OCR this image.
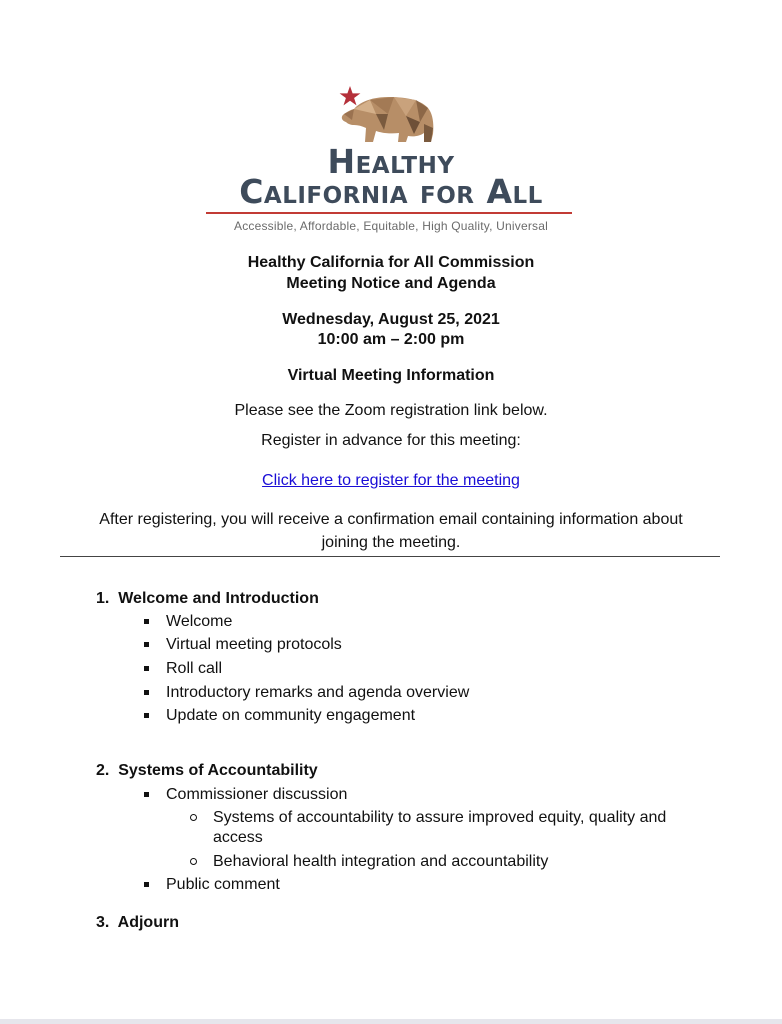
Healthy
California for All
Accessible, Affordable, Equitable, High Quality, Universal
Healthy California for All Commission
Meeting Notice and Agenda
Wednesday, August 25, 2021
10:00 am – 2:00 pm
Virtual Meeting Information
Please see the Zoom registration link below.
Register in advance for this meeting:
Click here to register for the meeting
After registering, you will receive a confirmation email containing information about
joining the meeting.
1. Welcome and Introduction
Welcome
Virtual meeting protocols
Roll call
Introductory remarks and agenda overview
Update on community engagement
2. Systems of Accountability
Commissioner discussion
Systems of accountability to assure improved equity, quality and access
Behavioral health integration and accountability
Public comment
3. Adjourn
